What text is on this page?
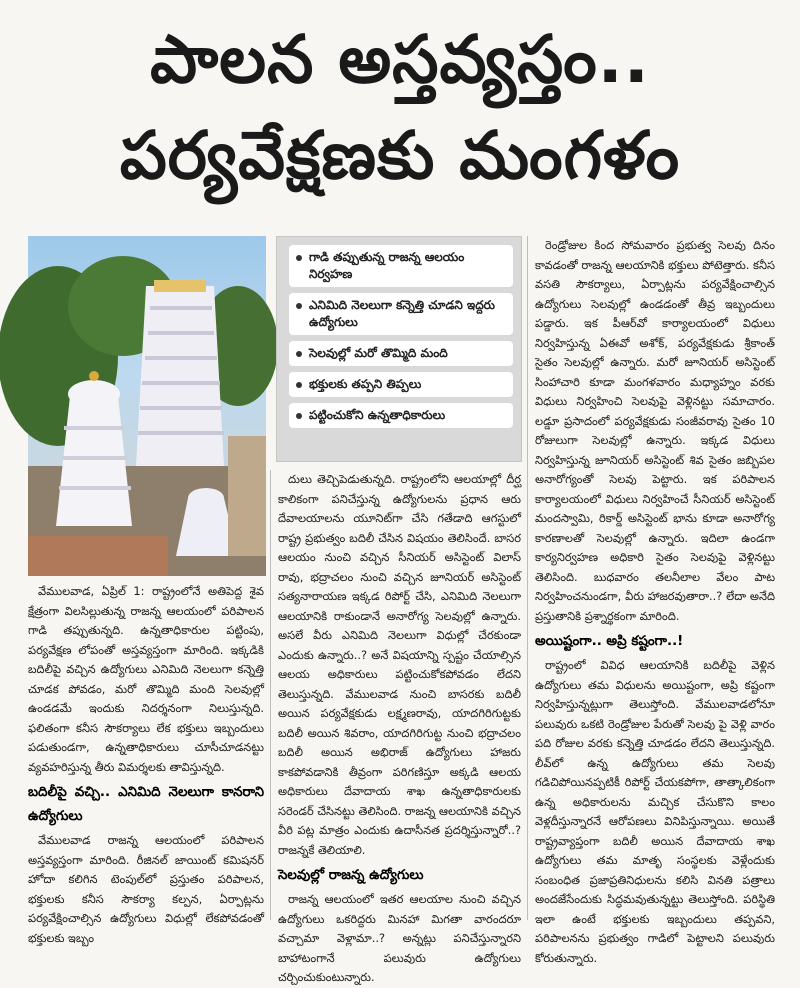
పాలన అస్తవ్యస్తం..
పర్యవేక్షణకు మంగళం
గాడి తప్పుతున్న రాజన్న ఆలయం నిర్వహణ
ఎనిమిది నెలలుగా కన్నెత్తి చూడని ఇద్దరు ఉద్యోగులు
సెలవుల్లో మరో తొమ్మిది మంది
భక్తులకు తప్పని తిప్పలు
పట్టించుకోని ఉన్నతాధికారులు

వేములవాడ, ఏప్రిల్ 1: రాష్ట్రంలోనే అతిపెద్ద శైవ క్షేత్రంగా విలసిల్లుతున్న రాజన్న ఆలయంలో పరిపాలన గాడి తప్పుతున్నది. ఉన్నతాధికారుల పట్టింపు, పర్యవేక్షణ లోపంతో అస్తవ్యస్తంగా మారింది. ఇక్కడికి బదిలీపై వచ్చిన ఉద్యోగులు ఎనిమిది నెలలుగా కన్నెత్తి చూడక పోవడం, మరో తొమ్మిది మంది సెలవుల్లో ఉండడమే ఇందుకు నిదర్శనంగా నిలుస్తున్నది. ఫలితంగా కనీస సౌకర్యాలు లేక భక్తులు ఇబ్బందులు పడుతుండగా, ఉన్నతాధికారులు చూసీచూడనట్టు వ్యవహరిస్తున్న తీరు విమర్శలకు తావిస్తున్నది.

బదిలీపై వచ్చి.. ఎనిమిది నెలలుగా కానరాని ఉద్యోగులు

వేములవాడ రాజన్న ఆలయంలో పరిపాలన అస్తవ్యస్తంగా మారింది. రీజినల్ జాయింట్ కమిషనర్ హోదా కలిగిన టెంపుల్‌లో ప్రస్తుతం పరిపాలన, భక్తులకు కనీస సౌకర్యా కల్పన, ఏర్పాట్లను పర్యవేక్షించాల్సిన ఉద్యోగులు విధుల్లో లేకపోవడంతో భక్తులకు ఇబ్బం

దులు తెచ్చిపెడుతున్నది. రాష్ట్రంలోని ఆలయాల్లో దీర్ఘ కాలికంగా పనిచేస్తున్న ఉద్యోగులను ప్రధాన ఆరు దేవాలయాలను యూనిట్‌గా చేసి గతేడాది ఆగస్టులో రాష్ట్ర ప్రభుత్వం బదిలీ చేసిన విషయం తెలిసిందే. బాసర ఆలయం నుంచి వచ్చిన సీనియర్ అసిస్టెంట్ విలాస్ రావు, భద్రాచలం నుంచి వచ్చిన జూనియర్ అసిస్టెంట్ సత్యనారాయణ ఇక్కడ రిపోర్ట్ చేసి, ఎనిమిది నెలలుగా ఆలయానికి రాకుండానే అనారోగ్య సెలవుల్లో ఉన్నారు. అసలే వీరు ఎనిమిది నెలలుగా విధుల్లో చేరకుండా ఎందుకు ఉన్నారు..? అనే విషయాన్ని స్పష్టం చేయాల్సిన ఆలయ అధికారులు పట్టించుకోకపోవడం లేదని తెలుస్తున్నది. వేములవాడ నుంచి బాసరకు బదిలీ అయిన పర్యవేక్షకుడు లక్ష్మణరావు, యాదగిరిగుట్టకు బదిలీ అయిన శివరాం, యాదగిరిగుట్ట నుంచి భద్రాచలం బదిలీ అయిన అభిరాజ్ ఉద్యోగులు హాజరు కాకపోవడానికి తీవ్రంగా పరిగణిస్తూ అక్కడి ఆలయ అధికారులు దేవాదాయ శాఖ ఉన్నతాధికారులకు సరెండర్ చేసినట్టు తెలిసింది. రాజన్న ఆలయానికి వచ్చిన వీరి పట్ల మాత్రం ఎందుకు ఉదాసీనత ప్రదర్శిస్తున్నారో..? రాజన్నకే తెలియాలి.

సెలవుల్లో రాజన్న ఉద్యోగులు

రాజన్న ఆలయంలో ఇతర ఆలయాల నుంచి వచ్చిన ఉద్యోగులు ఒకరిద్దరు మినహా మిగతా వారందరూ వచ్చామా వెళ్లామా..? అన్నట్లు పనిచేస్తున్నారని బాహాటంగానే పలువురు ఉద్యోగులు చర్చించుకుంటున్నారు.

రెండ్రోజుల కింద సోమవారం ప్రభుత్వ సెలవు దినం కావడంతో రాజన్న ఆలయానికి భక్తులు పోటెత్తారు. కనీస వసతి సౌకర్యాలు, ఏర్పాట్లను పర్యవేక్షించాల్సిన ఉద్యోగులు సెలవుల్లో ఉండడంతో తీవ్ర ఇబ్బందులు పడ్డారు. ఇక పీఆర్‌వో కార్యాలయంలో విధులు నిర్వహిస్తున్న ఏఈవో అశోక్, పర్యవేక్షకుడు శ్రీకాంత్ సైతం సెలవుల్లో ఉన్నారు. మరో జూనియర్ అసిస్టెంట్ సింహాచారి కూడా మంగళవారం మధ్యాహ్నం వరకు విధులు నిర్వహించి సెలవుపై వెళ్లినట్టు సమాచారం. లడ్డూ ప్రసాదంలో పర్యవేక్షకుడు సంజీవరావు సైతం 10 రోజులుగా సెలవుల్లో ఉన్నారు. ఇక్కడ విధులు నిర్వహిస్తున్న జూనియర్ అసిస్టెంట్ శివ సైతం జబ్బిపల అనారోగ్యంతో సెలవు పెట్టారు. ఇక పరిపాలన కార్యాలయంలో విధులు నిర్వహించే సీనియర్ అసిస్టెంట్ మందస్వామి, రికార్డ్ అసిస్టెంట్ భాను కూడా అనారోగ్య కారణాలతో సెలవుల్లో ఉన్నారు. ఇదిలా ఉండగా కార్యనిర్వహణ అధికారి సైతం సెలవుపై వెళ్లినట్టు తెలిసింది. బుధవారం తలనీలాల వేలం పాట నిర్వహించనుండగా, వీరు హాజరవుతారా..? లేదా అనేది ప్రస్తుతానికి ప్రశ్నార్థకంగా మారింది.

అయిష్టంగా.. అప్రి కష్టంగా..!

రాష్ట్రంలో వివిధ ఆలయానికి బదిలీపై వెళ్లిన ఉద్యోగులు తమ విధులను అయిష్టంగా, అప్రి కష్టంగా నిర్వహిస్తున్నట్లుగా తెలుస్తోంది. వేములవాడలోనూ పలువురు ఒకటి రెండ్రోజుల పేరుతో సెలవు పై వెళ్లి వారం పది రోజుల వరకు కన్నెత్తి చూడడం లేదని తెలుస్తున్నది. లీవ్‌లో ఉన్న ఉద్యోగులు తమ సెలవు గడిచిపోయినప్పటికీ రిపోర్ట్ చేయకపోగా, తాత్కాలికంగా ఉన్న అధికారులను మచ్చిక చేసుకొని కాలం వెళ్లదీస్తున్నారనే ఆరోపణలు వినిపిస్తున్నాయి. అయితే రాష్ట్రవ్యాప్తంగా బదిలీ అయిన దేవాదాయ శాఖ ఉద్యోగులు తమ మాతృ సంస్థలకు వెళ్లేందుకు సంబంధిత ప్రజాప్రతినిధులను కలిసి వినతి పత్రాలు అందజేసేందుకు సిద్ధమవుతున్నట్టు తెలుస్తోంది. పరిస్థితి ఇలా ఉంటే భక్తులకు ఇబ్బందులు తప్పవని, పరిపాలనను ప్రభుత్వం గాడిలో పెట్టాలని పలువురు కోరుతున్నారు.
